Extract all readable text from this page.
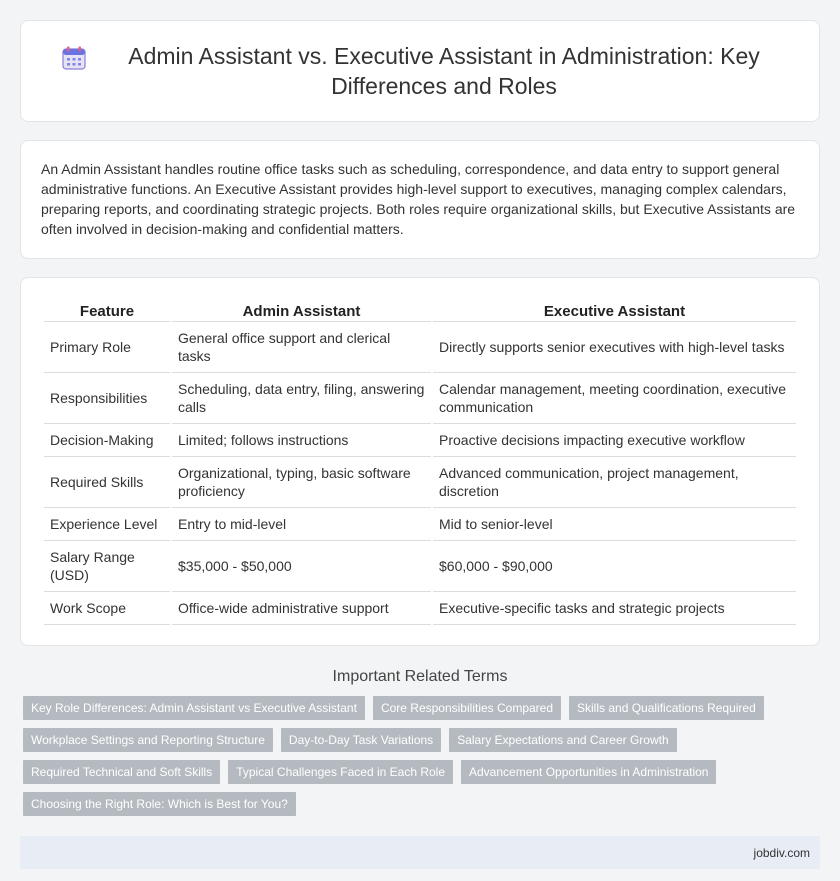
Admin Assistant vs. Executive Assistant in Administration: Key Differences and Roles

An Admin Assistant handles routine office tasks such as scheduling, correspondence, and data entry to support general administrative functions. An Executive Assistant provides high-level support to executives, managing complex calendars, preparing reports, and coordinating strategic projects. Both roles require organizational skills, but Executive Assistants are often involved in decision-making and confidential matters.

Feature	Admin Assistant	Executive Assistant
Primary Role	General office support and clerical tasks	Directly supports senior executives with high-level tasks
Responsibilities	Scheduling, data entry, filing, answering calls	Calendar management, meeting coordination, executive communication
Decision-Making	Limited; follows instructions	Proactive decisions impacting executive workflow
Required Skills	Organizational, typing, basic software proficiency	Advanced communication, project management, discretion
Experience Level	Entry to mid-level	Mid to senior-level
Salary Range (USD)	$35,000 - $50,000	$60,000 - $90,000
Work Scope	Office-wide administrative support	Executive-specific tasks and strategic projects
Important Related Terms
Key Role Differences: Admin Assistant vs Executive Assistant	Core Responsibilities Compared	Skills and Qualifications Required
Workplace Settings and Reporting Structure	Day-to-Day Task Variations	Salary Expectations and Career Growth
Required Technical and Soft Skills	Typical Challenges Faced in Each Role	Advancement Opportunities in Administration
Choosing the Right Role: Which is Best for You?
jobdiv.com
